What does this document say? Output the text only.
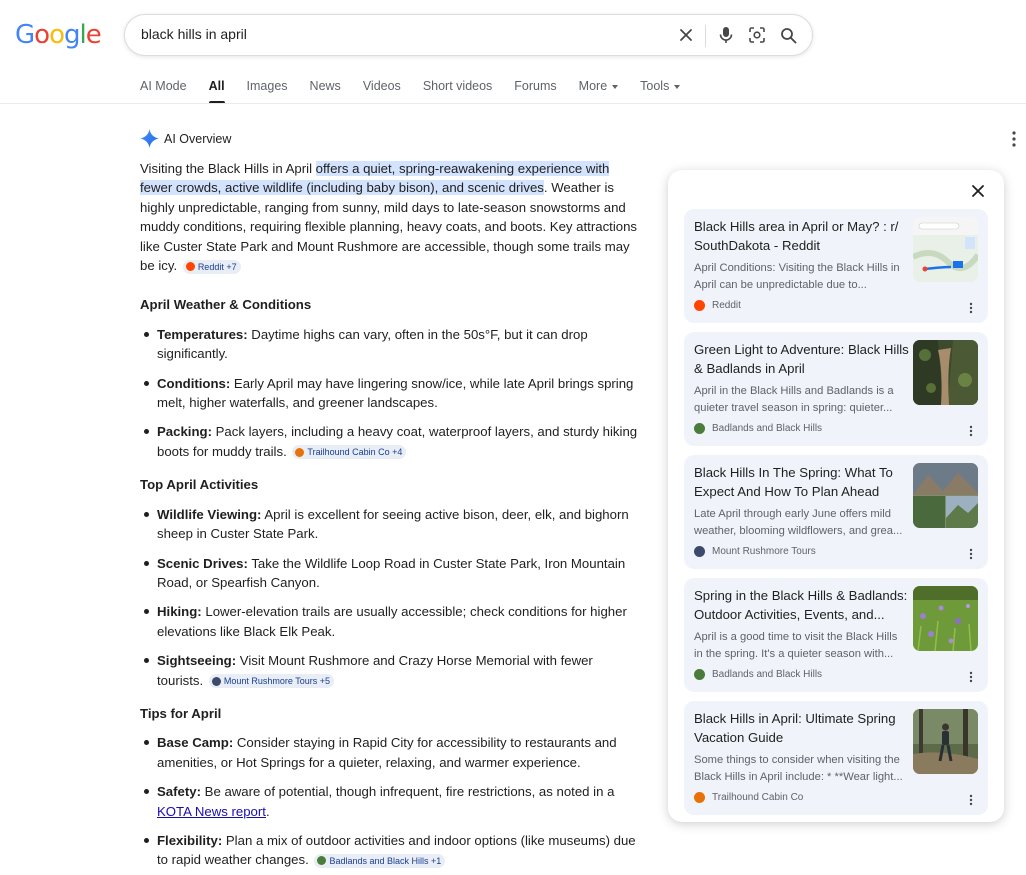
Google
black hills in april
AI Mode All Images News Videos Short videos Forums More	Tools
AI Overview

Visiting the Black Hills in April offers a quiet, spring-reawakening experience with fewer crowds, active wildlife (including baby bison), and scenic drives. Weather is highly unpredictable, ranging from sunny, mild days to late-season snowstorms and muddy conditions, requiring flexible planning, heavy coats, and boots. Key attractions like Custer State Park and Mount Rushmore are accessible, though some trails may be icy. Reddit +7

April Weather & Conditions
Temperatures: Daytime highs can vary, often in the 50s°F, but it can drop significantly.
Conditions: Early April may have lingering snow/ice, while late April brings spring melt, higher waterfalls, and greener landscapes.
Packing: Pack layers, including a heavy coat, waterproof layers, and sturdy hiking boots for muddy trails. Trailhound Cabin Co +4
Top April Activities
Wildlife Viewing: April is excellent for seeing active bison, deer, elk, and bighorn sheep in Custer State Park.
Scenic Drives: Take the Wildlife Loop Road in Custer State Park, Iron Mountain Road, or Spearfish Canyon.
Hiking: Lower-elevation trails are usually accessible; check conditions for higher elevations like Black Elk Peak.
Sightseeing: Visit Mount Rushmore and Crazy Horse Memorial with fewer tourists. Mount Rushmore Tours +5
Tips for April
Base Camp: Consider staying in Rapid City for accessibility to restaurants and amenities, or Hot Springs for a quieter, relaxing, and warmer experience.
Safety: Be aware of potential, though infrequent, fire restrictions, as noted in a KOTA News report.
Flexibility: Plan a mix of outdoor activities and indoor options (like museums) due to rapid weather changes. Badlands and Black Hills +1
Black Hills area in April or May? : r/ SouthDakota - Reddit
April Conditions: Visiting the Black Hills in April can be unpredictable due to...
Reddit
Green Light to Adventure: Black Hills & Badlands in April
April in the Black Hills and Badlands is a quieter travel season in spring: quieter...
Badlands and Black Hills
Black Hills In The Spring: What To Expect And How To Plan Ahead
Late April through early June offers mild weather, blooming wildflowers, and grea...
Mount Rushmore Tours
Spring in the Black Hills & Badlands: Outdoor Activities, Events, and...
April is a good time to visit the Black Hills in the spring. It's a quieter season with...
Badlands and Black Hills
Black Hills in April: Ultimate Spring Vacation Guide
Some things to consider when visiting the Black Hills in April include: * **Wear light...
Trailhound Cabin Co
